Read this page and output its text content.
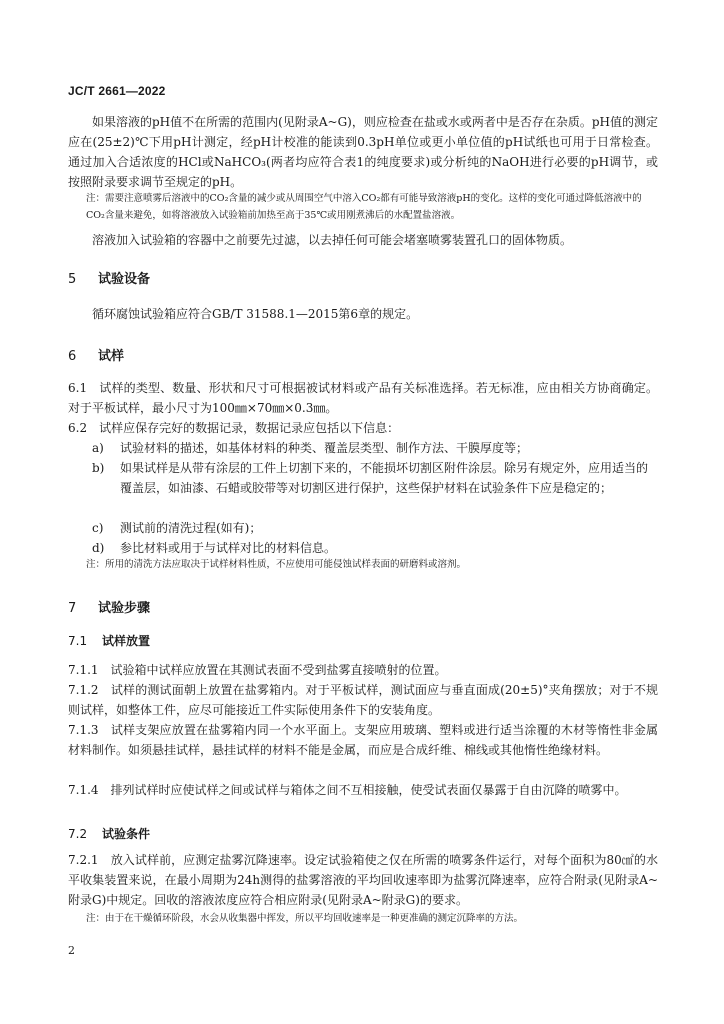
JC/T 2661—2022
如果溶液的pH值不在所需的范围内(见附录A~G)，则应检查在盐或水或两者中是否存在杂质。pH值的测定应在(25±2)℃下用pH计测定，经pH计校准的能读到0.3pH单位或更小单位值的pH试纸也可用于日常检查。通过加入合适浓度的HCl或NaHCO₃(两者均应符合表1的纯度要求)或分析纯的NaOH进行必要的pH调节，或按照附录要求调节至规定的pH。
注：需要注意喷雾后溶液中的CO₂含量的减少或从周围空气中溶入CO₂都有可能导致溶液pH的变化。这样的变化可通过降低溶液中的CO₂含量来避免，如将溶液放入试验箱前加热至高于35℃或用刚煮沸后的水配置盐溶液。
溶液加入试验箱的容器中之前要先过滤，以去掉任何可能会堵塞喷雾装置孔口的固体物质。
5 试验设备
循环腐蚀试验箱应符合GB/T 31588.1—2015第6章的规定。
6 试样
6.1　试样的类型、数量、形状和尺寸可根据被试材料或产品有关标准选择。若无标准，应由相关方协商确定。对于平板试样，最小尺寸为100㎜×70㎜×0.3㎜。
6.2　试样应保存完好的数据记录，数据记录应包括以下信息：
a)	试验材料的描述，如基体材料的种类、覆盖层类型、制作方法、干膜厚度等；
b)	如果试样是从带有涂层的工件上切割下来的，不能损坏切割区附件涂层。除另有规定外，应用适当的覆盖层，如油漆、石蜡或胶带等对切割区进行保护，这些保护材料在试验条件下应是稳定的；
c)	测试前的清洗过程(如有)；
d)	参比材料或用于与试样对比的材料信息。
注：所用的清洗方法应取决于试样材料性质，不应使用可能侵蚀试样表面的研磨料或溶剂。
7 试验步骤
7.1 试样放置
7.1.1　试验箱中试样应放置在其测试表面不受到盐雾直接喷射的位置。
7.1.2　试样的测试面朝上放置在盐雾箱内。对于平板试样，测试面应与垂直面成(20±5)°夹角摆放；对于不规则试样，如整体工件，应尽可能接近工件实际使用条件下的安装角度。
7.1.3　试样支架应放置在盐雾箱内同一个水平面上。支架应用玻璃、塑料或进行适当涂覆的木材等惰性非金属材料制作。如须悬挂试样，悬挂试样的材料不能是金属，而应是合成纤维、棉线或其他惰性绝缘材料。
7.1.4　排列试样时应使试样之间或试样与箱体之间不互相接触，使受试表面仅暴露于自由沉降的喷雾中。
7.2 试验条件
7.2.1　放入试样前，应测定盐雾沉降速率。设定试验箱使之仅在所需的喷雾条件运行，对每个面积为80㎠的水平收集装置来说，在最小周期为24h测得的盐雾溶液的平均回收速率即为盐雾沉降速率，应符合附录(见附录A~附录G)中规定。回收的溶液浓度应符合相应附录(见附录A~附录G)的要求。
注：由于在干燥循环阶段，水会从收集器中挥发，所以平均回收速率是一种更准确的测定沉降率的方法。
2
